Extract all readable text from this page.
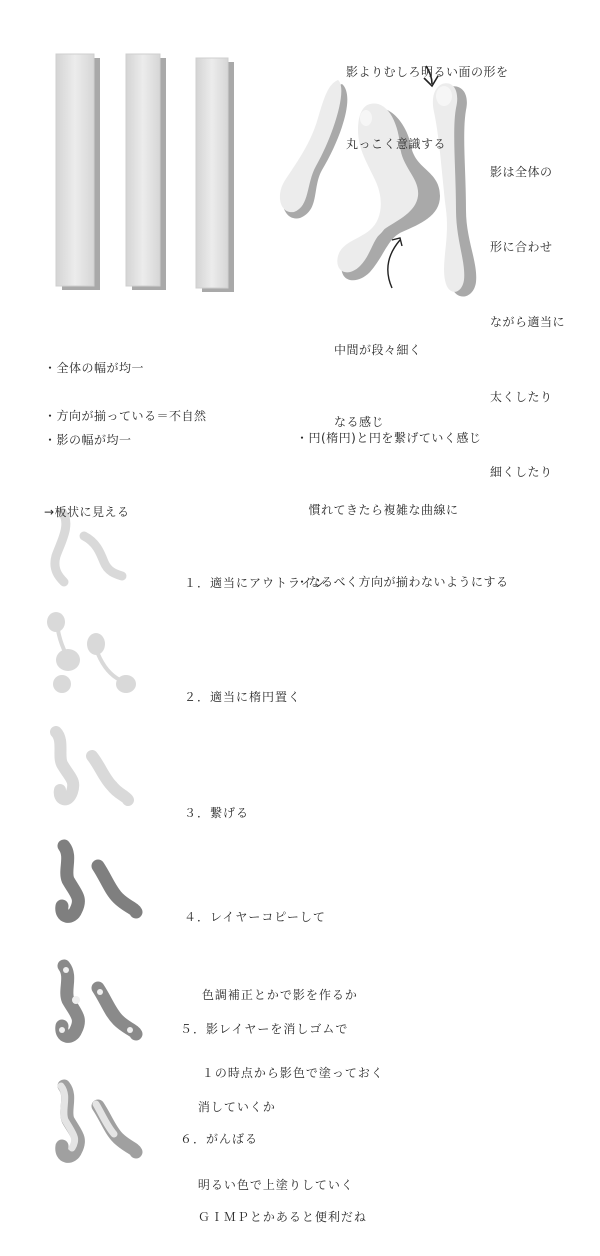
影よりむしろ明るい面の形を

丸っこく意識する

影は全体の

形に合わせ

ながら適当に

太くしたり

細くしたり

中間が段々細く

なる感じ

・全体の幅が均一

・影の幅が均一

→板状に見える

・方向が揃っている＝不自然

・円(楕円)と円を繋げていく感じ

　慣れてきたら複雑な曲線に

・なるべく方向が揃わないようにする

１．適当にアウトライン

２．適当に楕円置く

３．繋げる

４．レイヤーコピーして

　 色調補正とかで影を作るか

　 １の時点から影色で塗っておく

５．影レイヤーを消しゴムで

　 消していくか

　 明るい色で上塗りしていく

６．がんばる

　 ＧＩＭＰとかあると便利だね
